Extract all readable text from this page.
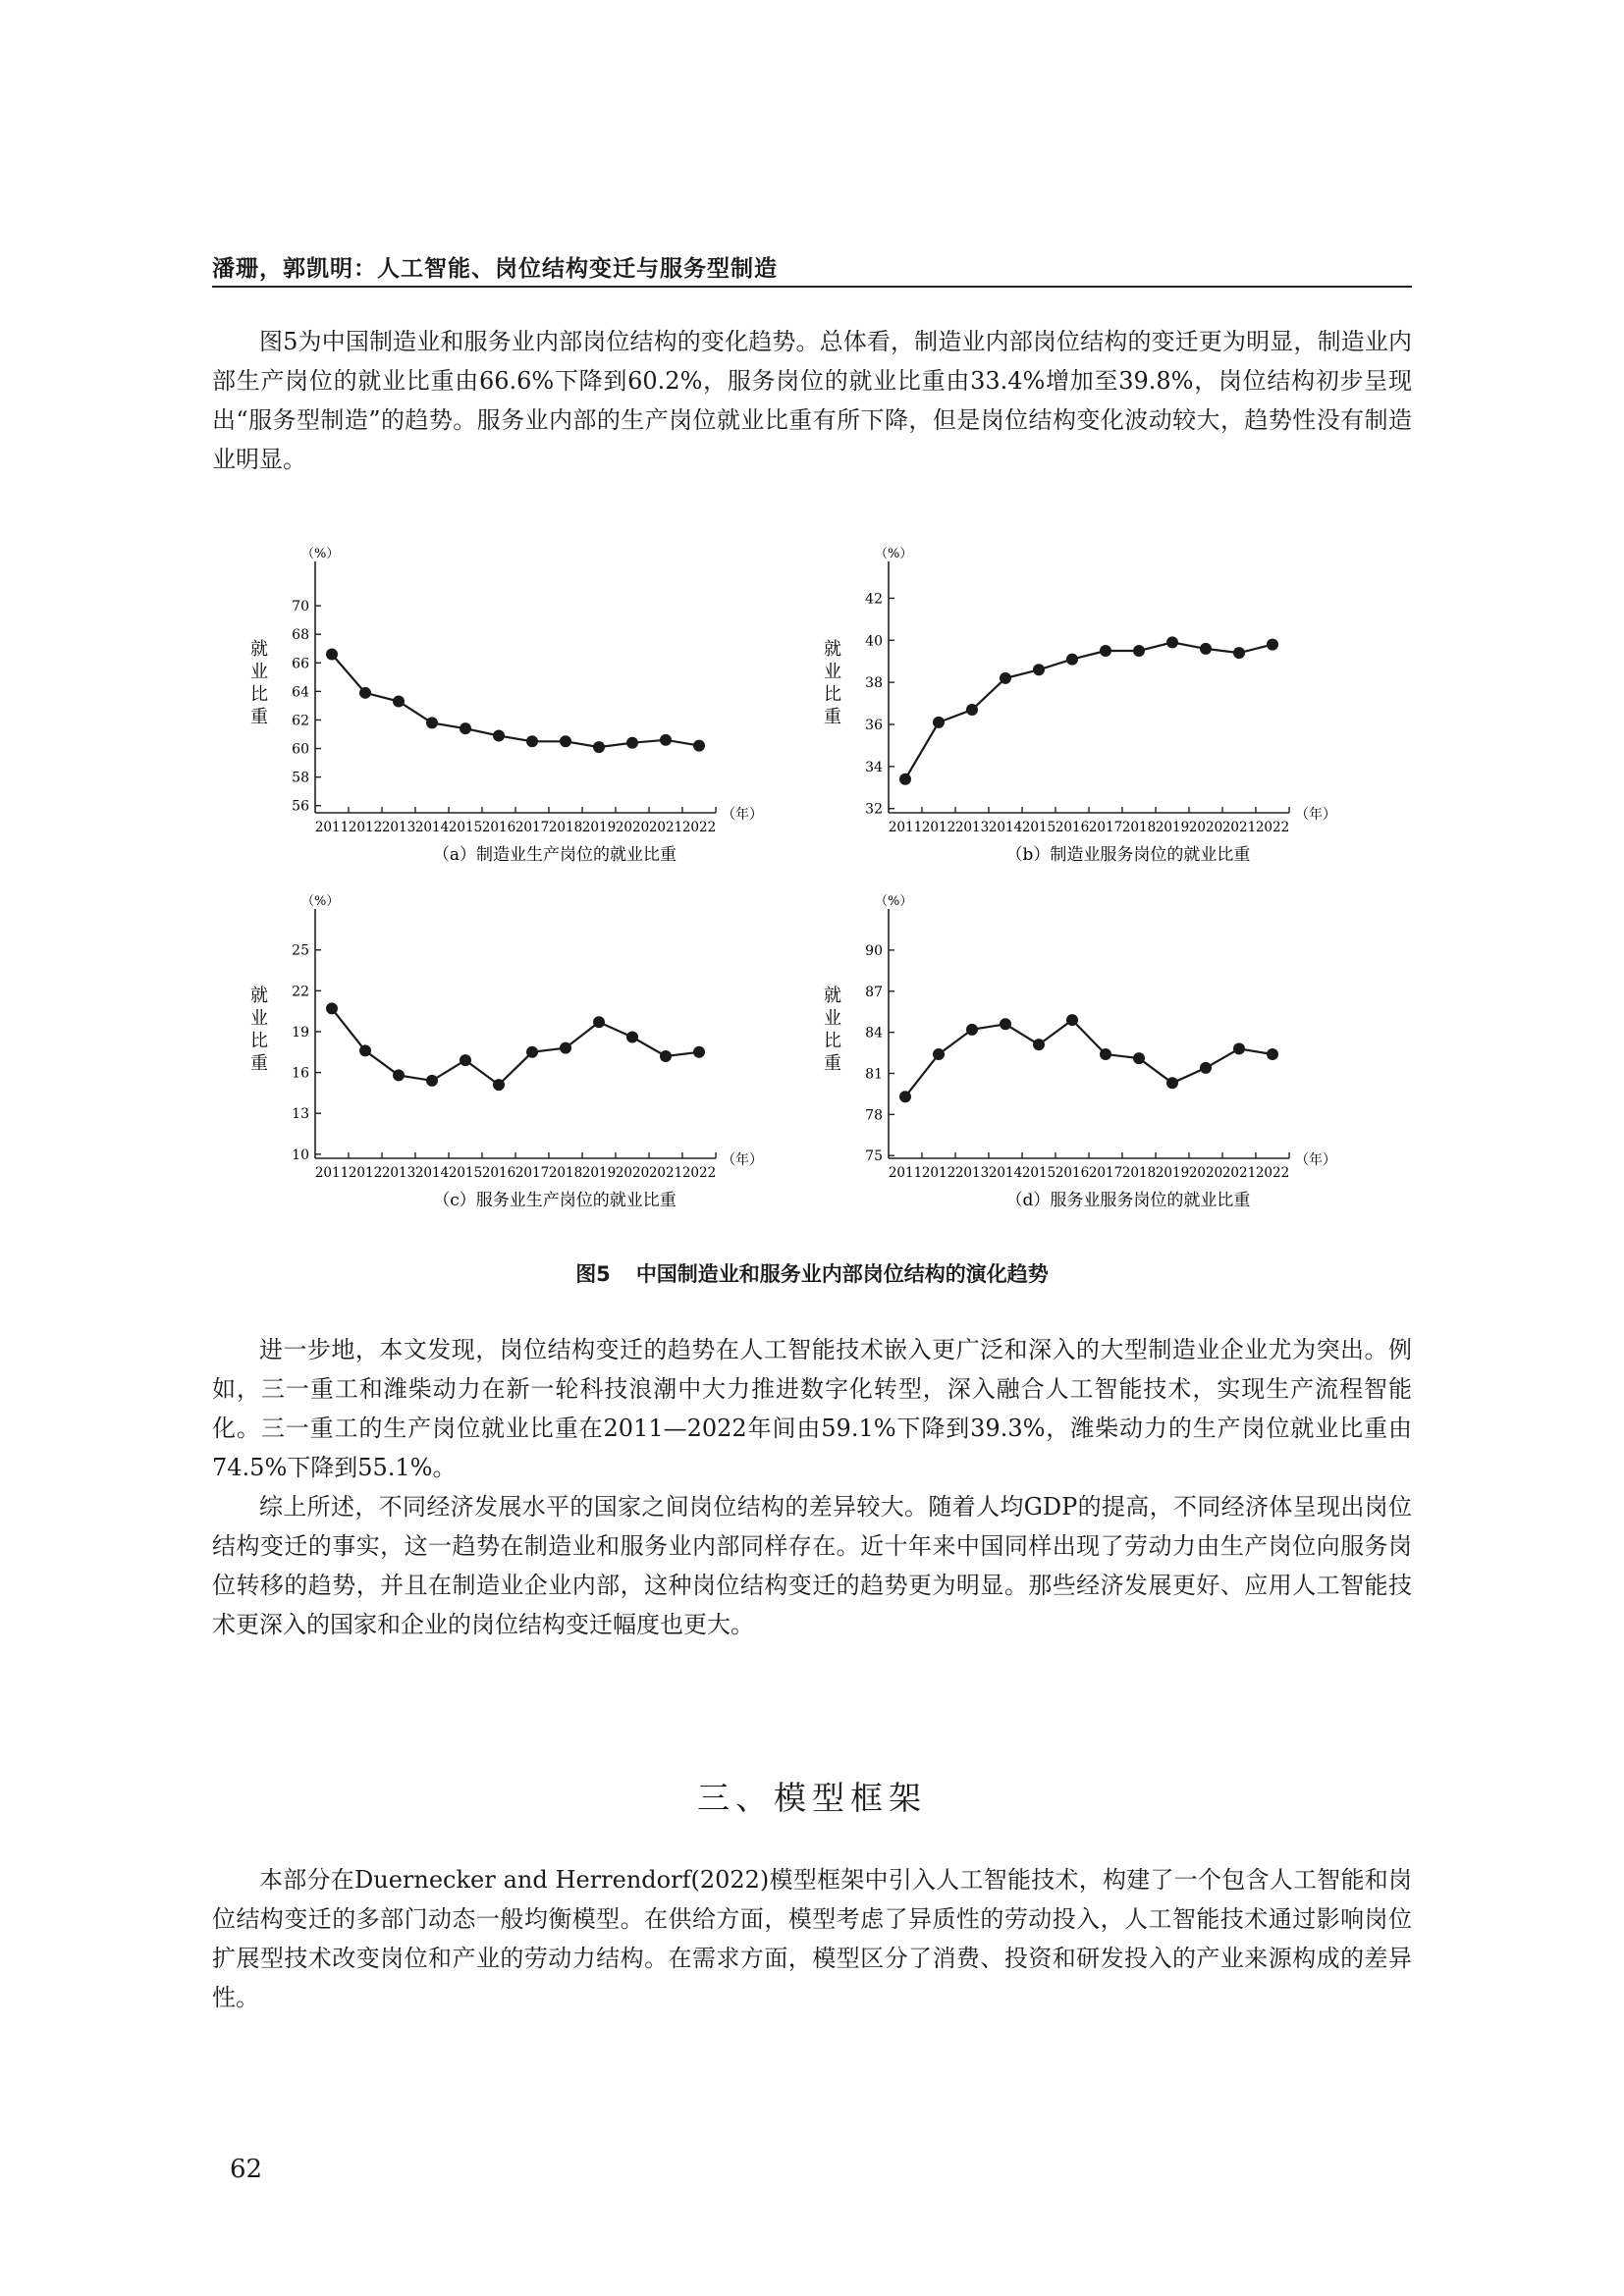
潘珊，郭凯明：人工智能、岗位结构变迁与服务型制造

图5为中国制造业和服务业内部岗位结构的变化趋势。总体看，制造业内部岗位结构的变迁更为明显，制造业内部生产岗位的就业比重由66.6%下降到60.2%，服务岗位的就业比重由33.4%增加至39.8%，岗位结构初步呈现出“服务型制造”的趋势。服务业内部的生产岗位就业比重有所下降，但是岗位结构变化波动较大，趋势性没有制造业明显。

56
58
60
62
64
66
68
70
2011 2012 2013 2014 2015 2016 2017 2018 2019 2020 2021 2022
（%）
（年）
就
业
比
重
（a）制造业生产岗位的就业比重
32
34
36
38
40
42
2011 2012 2013 2014 2015 2016 2017 2018 2019 2020 2021 2022
（%）
（年）
就
业
比
重
（b）制造业服务岗位的就业比重
10
13
16
19
22
25
2011 2012 2013 2014 2015 2016 2017 2018 2019 2020 2021 2022
（%）
（年）
就
业
比
重
（c）服务业生产岗位的就业比重
75
78
81
84
87
90
2011 2012 2013 2014 2015 2016 2017 2018 2019 2020 2021 2022
（%）
（年）
就
业
比
重
（d）服务业服务岗位的就业比重
图5 中国制造业和服务业内部岗位结构的演化趋势

进一步地，本文发现，岗位结构变迁的趋势在人工智能技术嵌入更广泛和深入的大型制造业企业尤为突出。例如，三一重工和潍柴动力在新一轮科技浪潮中大力推进数字化转型，深入融合人工智能技术，实现生产流程智能化。三一重工的生产岗位就业比重在2011—2022年间由59.1%下降到39.3%，潍柴动力的生产岗位就业比重由74.5%下降到55.1%。

综上所述，不同经济发展水平的国家之间岗位结构的差异较大。随着人均GDP的提高，不同经济体呈现出岗位结构变迁的事实，这一趋势在制造业和服务业内部同样存在。近十年来中国同样出现了劳动力由生产岗位向服务岗位转移的趋势，并且在制造业企业内部，这种岗位结构变迁的趋势更为明显。那些经济发展更好、应用人工智能技术更深入的国家和企业的岗位结构变迁幅度也更大。

三、模型框架

本部分在Duernecker and Herrendorf(2022)模型框架中引入人工智能技术，构建了一个包含人工智能和岗位结构变迁的多部门动态一般均衡模型。在供给方面，模型考虑了异质性的劳动投入，人工智能技术通过影响岗位扩展型技术改变岗位和产业的劳动力结构。在需求方面，模型区分了消费、投资和研发投入的产业来源构成的差异性。

62
